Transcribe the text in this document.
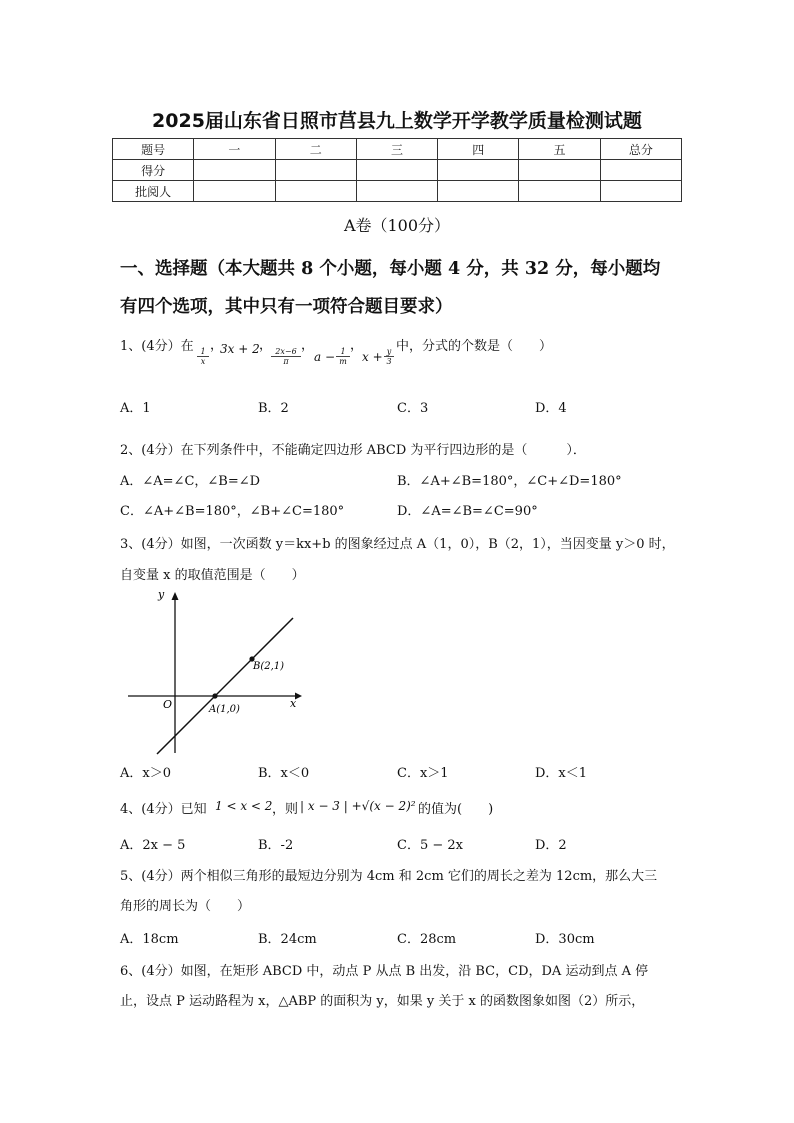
2025届山东省日照市莒县九上数学开学教学质量检测试题
题号	一	二	三	四	五	总分
得分						
批阅人						
A卷（100分）
一、选择题（本大题共 8 个小题，每小题 4 分，共 32 分，每小题均
有四个选项，其中只有一项符合题目要求）
1、(4分）在
$\frac{1}{x}$
，
3x + 2 ，
$\frac{2x-6}{\pi}$
，
$a - \frac{1}{m}$
，
$x + \frac{y}{3}$
中，分式的个数是（　　）
A．1	B．2	C．3	D．4
2、(4分）在下列条件中，不能确定四边形 ABCD 为平行四边形的是（　　　）．
A．∠A=∠C，∠B=∠D	B．∠A+∠B=180°，∠C+∠D=180°
C．∠A+∠B=180°，∠B+∠C=180°	D．∠A=∠B=∠C=90°
3、(4分）如图，一次函数 y＝kx+b 的图象经过点 A（1，0），B（2，1），当因变量 y＞0 时，
自变量 x 的取值范围是（　　）
y
x
O	A(1,0)
B(2,1)
A．x＞0	B．x＜0	C．x＞1	D．x＜1
4、(4分）已知 1 < x < 2 ，则 | x − 3 | +√(x − 2)² 的值为(　　)
A．2x − 5	B．-2	C．5 − 2x	D．2
5、(4分）两个相似三角形的最短边分别为 4cm 和 2cm 它们的周长之差为 12cm，那么大三
角形的周长为（　　）
A．18cm	B．24cm	C．28cm	D．30cm
6、(4分）如图，在矩形 ABCD 中，动点 P 从点 B 出发，沿 BC，CD，DA 运动到点 A 停
止，设点 P 运动路程为 x，△ABP 的面积为 y，如果 y 关于 x 的函数图象如图（2）所示，
